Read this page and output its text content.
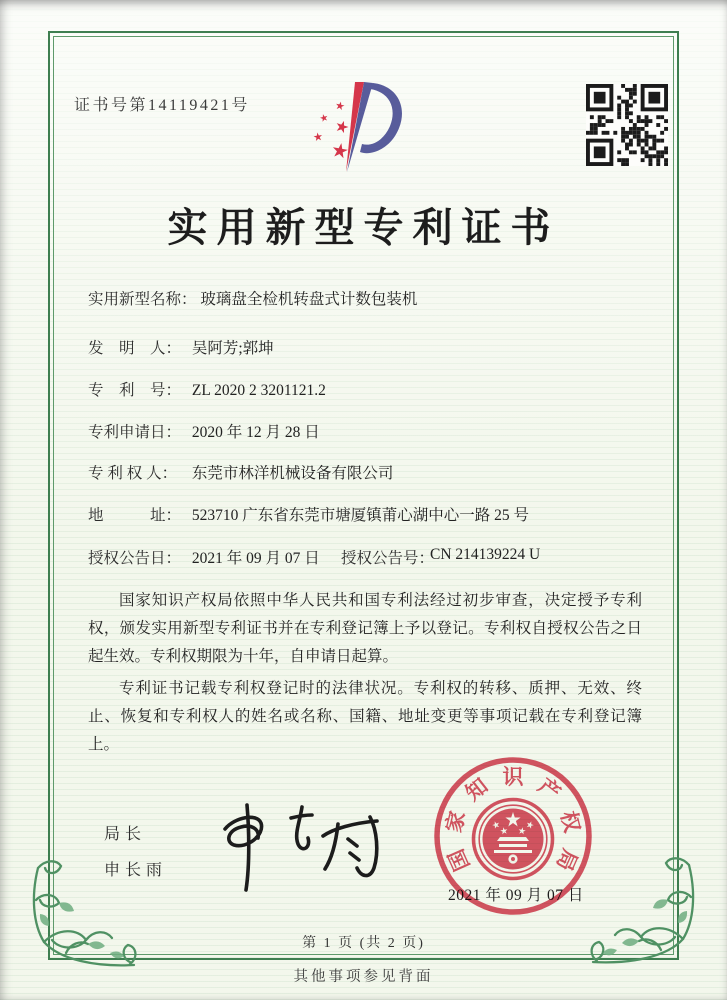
证书号第14119421号
实用新型专利证书
实用新型名称： 玻璃盘全检机转盘式计数包装机
发　明　人： 吴阿芳;郭坤
专　利　号： ZL 2020 2 3201121.2
专利申请日： 2020 年 12 月 28 日
专 利 权 人： 东莞市林洋机械设备有限公司
地　　　址： 523710 广东省东莞市塘厦镇莆心湖中心一路 25 号
授权公告日： 2021 年 09 月 07 日 授权公告号：
CN 214139224 U

国家知识产权局依照中华人民共和国专利法经过初步审查，决定授予专利权，颁发实用新型专利证书并在专利登记簿上予以登记。专利权自授权公告之日起生效。专利权期限为十年，自申请日起算。

专利证书记载专利权登记时的法律状况。专利权的转移、质押、无效、终止、恢复和专利权人的姓名或名称、国籍、地址变更等事项记载在专利登记簿上。

局长
申长雨
2021 年 09 月 07 日
国
家
知 识 产
权
局
第 1 页 (共 2 页)
其他事项参见背面
